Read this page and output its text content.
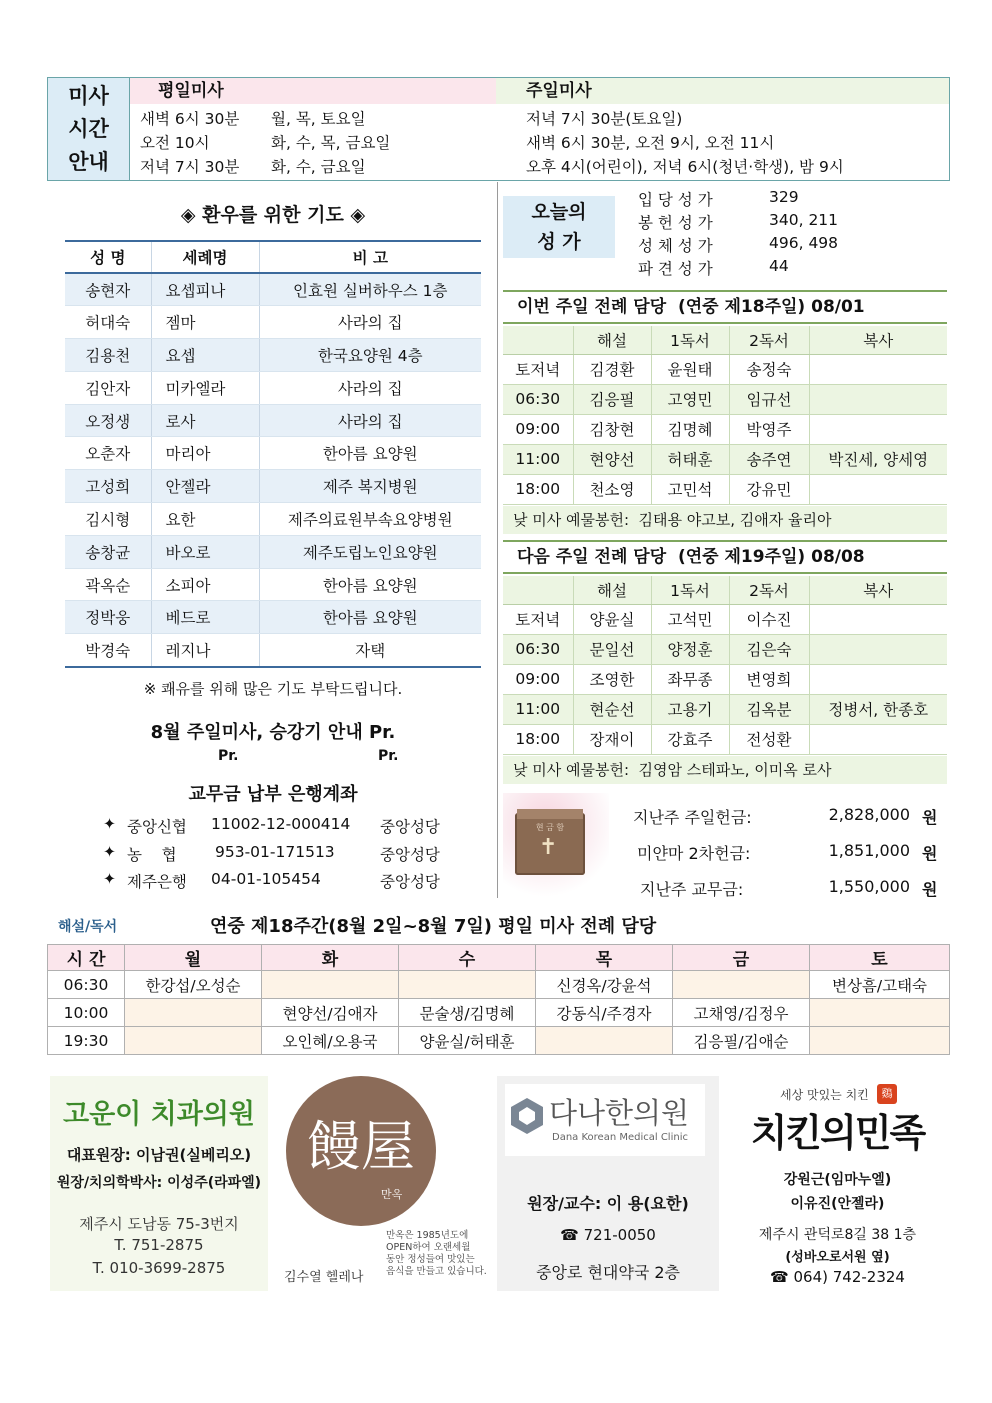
미사
시간
안내
평일미사	주일미사
새벽 6시 30분 월, 목, 토요일
오전 10시	화, 수, 목, 금요일
저녁 7시 30분 화, 수, 금요일
저녁 7시 30분(토요일)
새벽 6시 30분, 오전 9시, 오전 11시
오후 4시(어린이), 저녁 6시(청년·학생), 밤 9시
◈ 환우를 위한 기도 ◈
성 명	세례명	비 고
송현자	요셉피나	인효원 실버하우스 1층
허대숙	젬마	사라의 집
김용천	요셉	한국요양원 4층
김안자	미카엘라	사라의 집
오정생	로사	사라의 집
오춘자	마리아	한아름 요양원
고성희	안젤라	제주 복지병원
김시형	요한	제주의료원부속요양병원
송창균	바오로	제주도립노인요양원
곽옥순	소피아	한아름 요양원
정박웅	베드로	한아름 요양원
박경숙	레지나	자택
※ 쾌유를 위해 많은 기도 부탁드립니다.
8월 주일미사, 승강기 안내 Pr.
Pr.	Pr.
교무금 납부 은행계좌
✦ 중앙신협 11002-12-000414 중앙성당
✦ 농    협 953-01-171513	중앙성당
✦ 제주은행 04-01-105454	중앙성당
오늘의
성 가
입 당 성 가	329
봉 헌 성 가	340, 211
성 체 성 가	496, 498
파 견 성 가	44
이번 주일 전례 담당  (연중 제18주일) 08/01
	해설	1독서	2독서	복사
토저녁	김경환	윤원태	송정숙	
06:30	김응필	고영민	임규선	
09:00	김창현	김명혜	박영주	
11:00	현양선	허태훈	송주연	박진세, 양세영
18:00	천소영	고민석	강유민	
낮 미사 예물봉헌:  김태용 야고보, 김애자 율리아
다음 주일 전례 담당  (연중 제19주일) 08/08
	해설	1독서	2독서	복사
토저녁	양윤실	고석민	이수진	
06:30	문일선	양정훈	김은숙	
09:00	조영한	좌무종	변영희	
11:00	현순선	고용기	김옥분	정병서, 한종호
18:00	장재이	강효주	전성환	
낮 미사 예물봉헌:  김영암 스테파노, 이미옥 로사
현 금 함
✝
지난주 주일헌금:	2,828,000 원
미얀마 2차헌금:	1,851,000 원
지난주 교무금:	1,550,000 원
해설/독서	연중 제18주간(8월 2일~8월 7일) 평일 미사 전례 담당
시 간	월	화	수	목	금	토
06:30	한강섭/오성순			신경옥/강윤석		변상흠/고태숙
10:00		현양선/김애자	문술생/김명혜	강동식/주경자	고채영/김정우	
19:30		오인혜/오용국	양윤실/허태훈		김응필/김애순	
고운이 치과의원
대표원장: 이남권(실베리오)
원장/치의학박사: 이성주(라파엘)
제주시 도남동 75-3번지
T. 751-2875
T. 010-3699-2875
饅屋
만옥
김수열 헬레나
만옥은 1985년도에
OPEN하여 오랜세월
동안 정성들여 맛있는
음식을 만들고 있습니다.
다나한의원
Dana Korean Medical Clinic
원장/교수: 이 용(요한)
☎ 721-0050
중앙로 현대약국 2층
세상 맛있는 치킨	鷄
치킨의민족
강원근(임마누엘)
이유진(안젤라)
제주시 관덕로8길 38 1층
(성바오로서원 옆)
☎ 064) 742-2324
